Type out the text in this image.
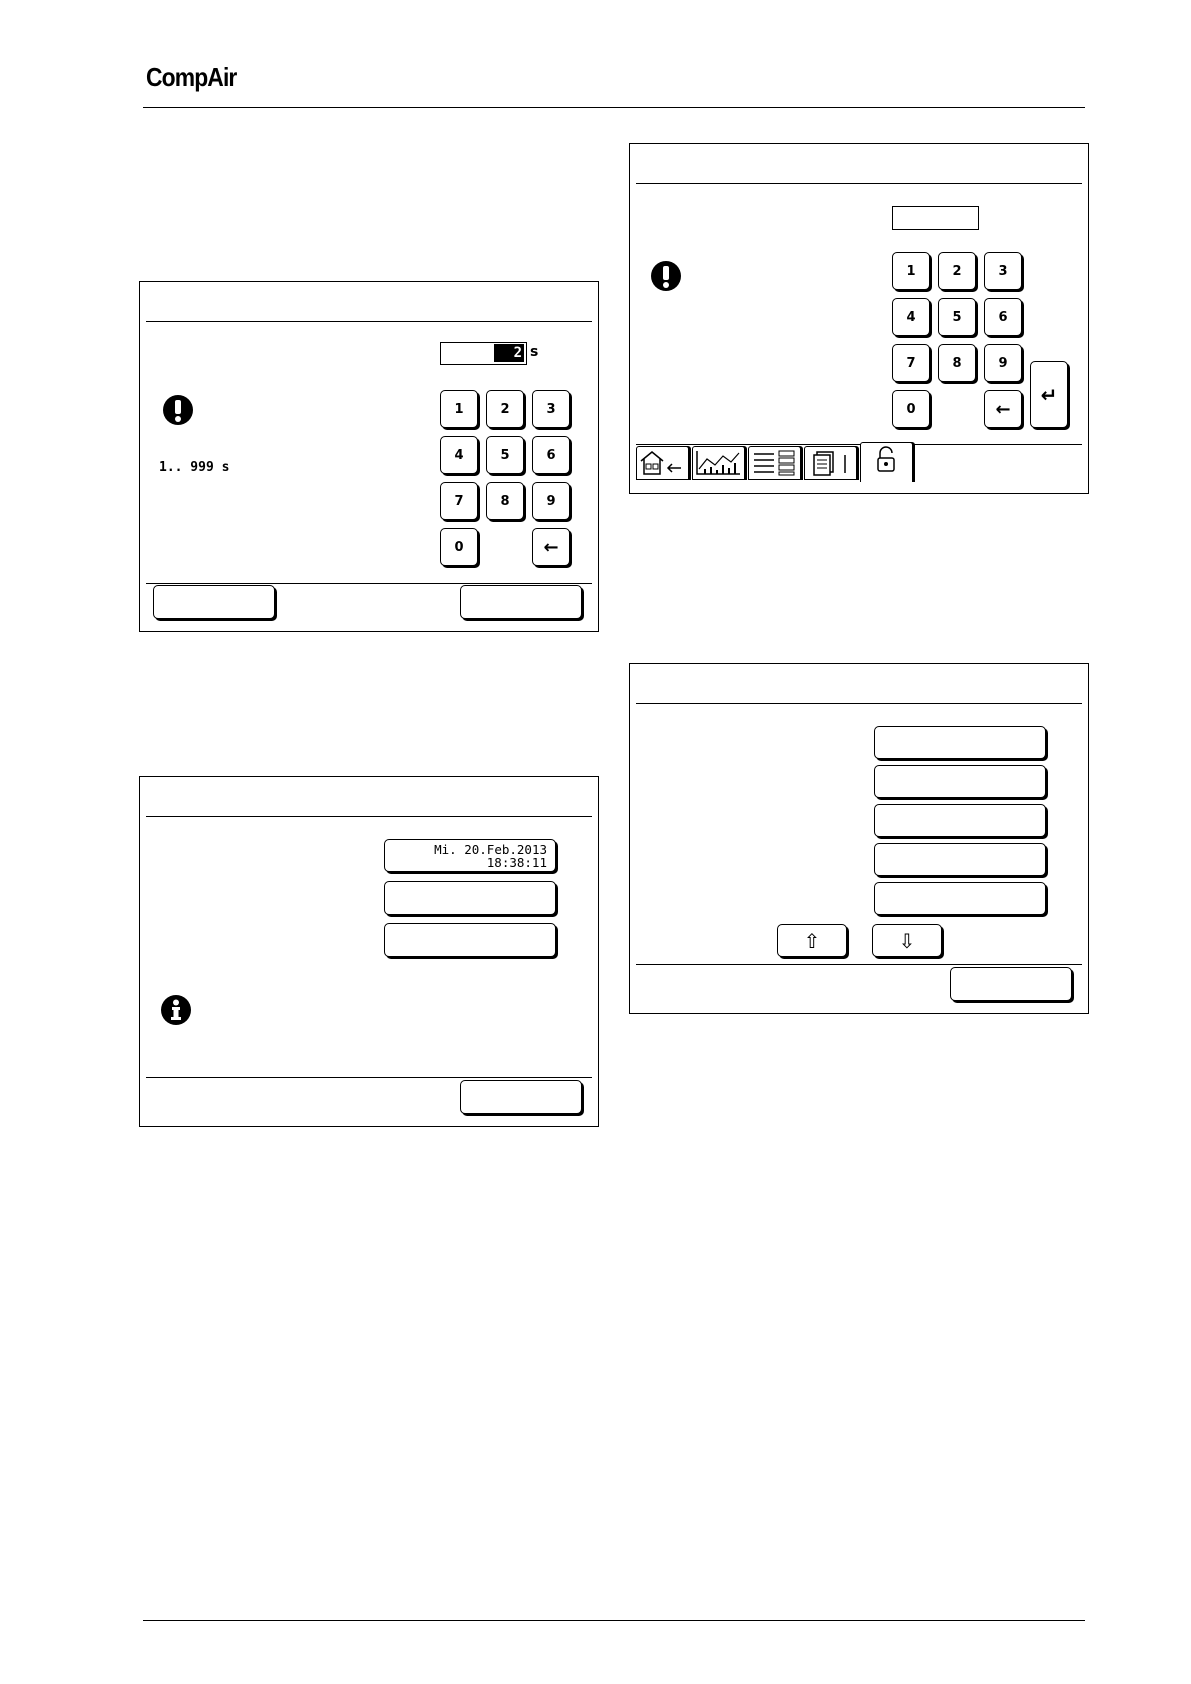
CompAir
2 s
1.. 999 s
1	2	3
4	5	6
7	8	9
0	←
Mi. 20.Feb.2013
18:38:11
1	2	3
4	5	6
7	8	9
0	←
↵
⇧	⇩
